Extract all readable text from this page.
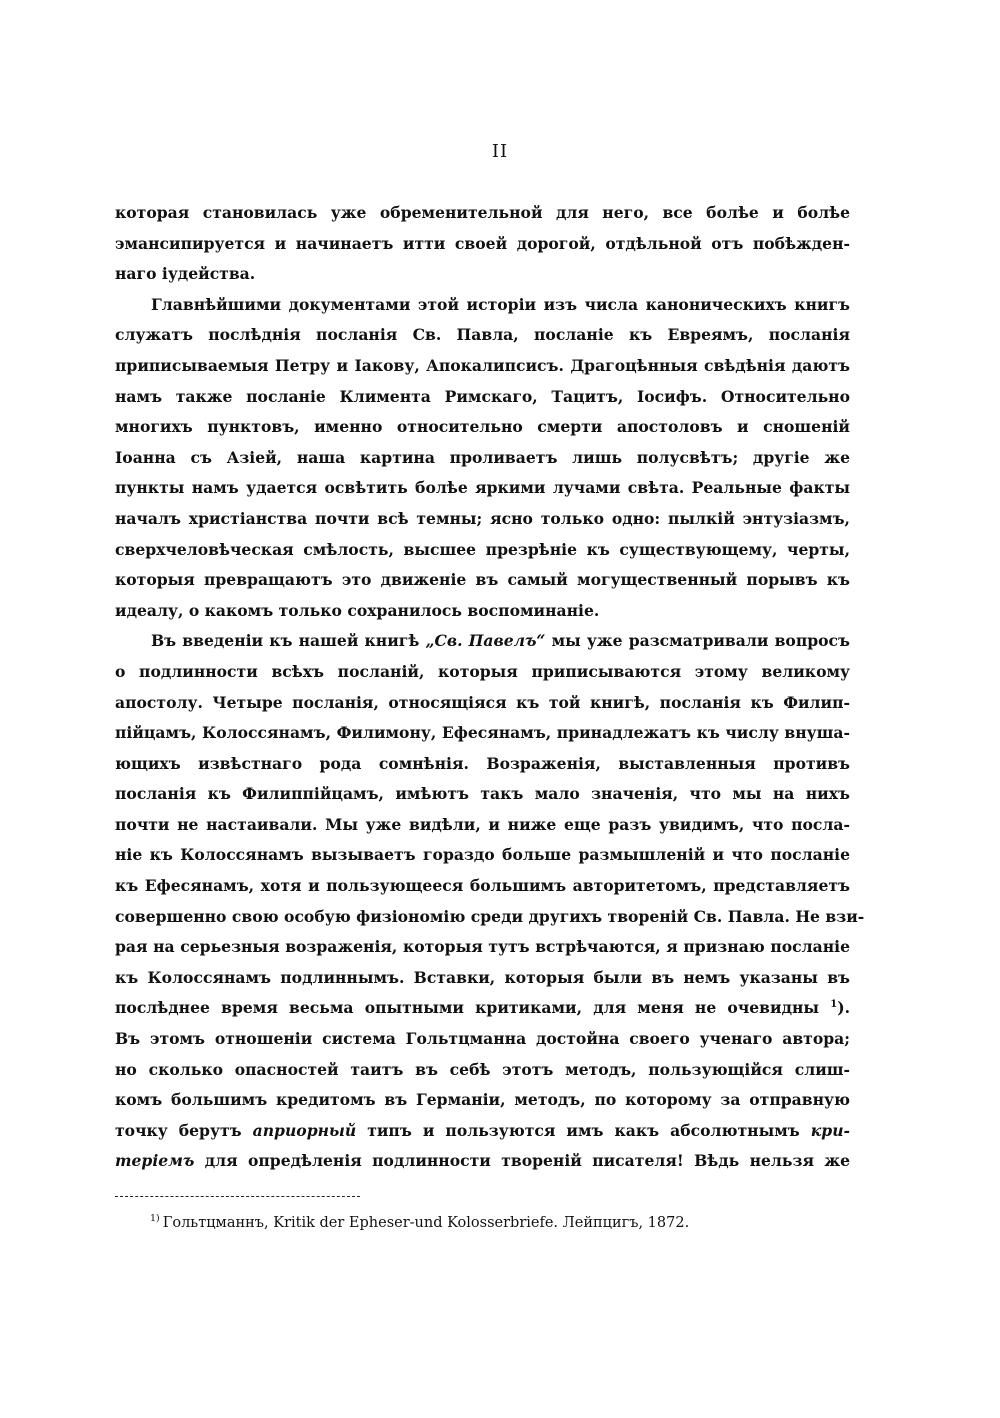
II
которая становилась уже обременительной для него, все болѣе и болѣе
эмансипируется и начинаетъ итти своей дорогой, отдѣльной отъ побѣжден-
наго іудейства.
Главнѣйшими документами этой исторіи изъ числа каноническихъ книгъ
служатъ послѣднія посланія Св. Павла, посланіе къ Евреямъ, посланія
приписываемыя Петру и Іакову, Апокалипсисъ. Драгоцѣнныя свѣдѣнія даютъ
намъ также посланіе Климента Римскаго, Тацитъ, Іосифъ. Относительно
многихъ пунктовъ, именно относительно смерти апостоловъ и сношеній
Іоанна съ Азіей, наша картина проливаетъ лишь полусвѣтъ; другіе же
пункты намъ удается освѣтить болѣе яркими лучами свѣта. Реальные факты
началъ христіанства почти всѣ темны; ясно только одно: пылкій энтузіазмъ,
сверхчеловѣческая смѣлость, высшее презрѣніе къ существующему, черты,
которыя превращаютъ это движеніе въ самый могущественный порывъ къ
идеалу, о какомъ только сохранилось воспоминаніе.
Въ введеніи къ нашей книгѣ „Св. Павелъ“ мы уже разсматривали вопросъ
о подлинности всѣхъ посланій, которыя приписываются этому великому
апостолу. Четыре посланія, относящіяся къ той книгѣ, посланія къ Филип-
пійцамъ, Колоссянамъ, Филимону, Ефесянамъ, принадлежатъ къ числу внуша-
ющихъ извѣстнаго рода сомнѣнія. Возраженія, выставленныя противъ
посланія къ Филиппійцамъ, имѣютъ такъ мало значенія, что мы на нихъ
почти не настаивали. Мы уже видѣли, и ниже еще разъ увидимъ, что посла-
ніе къ Колоссянамъ вызываетъ гораздо больше размышленій и что посланіе
къ Ефесянамъ, хотя и пользующееся большимъ авторитетомъ, представляетъ
совершенно свою особую физіономію среди другихъ твореній Св. Павла. Не взи-
рая на серьезныя возраженія, которыя тутъ встрѣчаются, я признаю посланіе
къ Колоссянамъ подлиннымъ. Вставки, которыя были въ немъ указаны въ
послѣднее время весьма опытными критиками, для меня не очевидны $^1$).
Въ этомъ отношеніи система Гольтцманна достойна своего ученаго автора;
но сколько опасностей таитъ въ себѣ этотъ методъ, пользующійся слиш-
комъ большимъ кредитомъ въ Германіи, методъ, по которому за отправную
точку берутъ априорный типъ и пользуются имъ какъ абсолютнымъ кри-
теріемъ для опредѣленія подлинности твореній писателя! Вѣдь нельзя же
$^{1)}$ Гольтцманнъ, Kritik der Epheser-und Kolosserbriefe. Лейпцигъ, 1872.
